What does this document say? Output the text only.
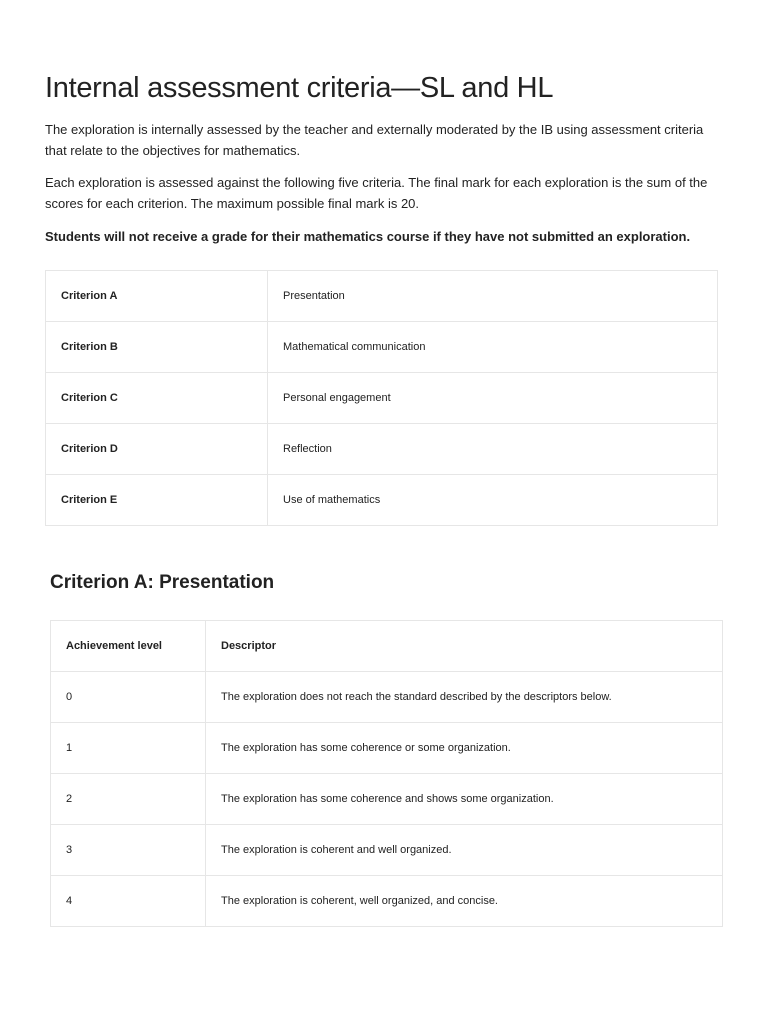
Internal assessment criteria—SL and HL

The exploration is internally assessed by the teacher and externally moderated by the IB using assessment criteria that relate to the objectives for mathematics.

Each exploration is assessed against the following five criteria. The final mark for each exploration is the sum of the scores for each criterion. The maximum possible final mark is 20.

Students will not receive a grade for their mathematics course if they have not submitted an exploration.

Criterion A	Presentation
Criterion B	Mathematical communication
Criterion C	Personal engagement
Criterion D	Reflection
Criterion E	Use of mathematics
Criterion A: Presentation
Achievement level	Descriptor
0	The exploration does not reach the standard described by the descriptors below.
1	The exploration has some coherence or some organization.
2	The exploration has some coherence and shows some organization.
3	The exploration is coherent and well organized.
4	The exploration is coherent, well organized, and concise.
